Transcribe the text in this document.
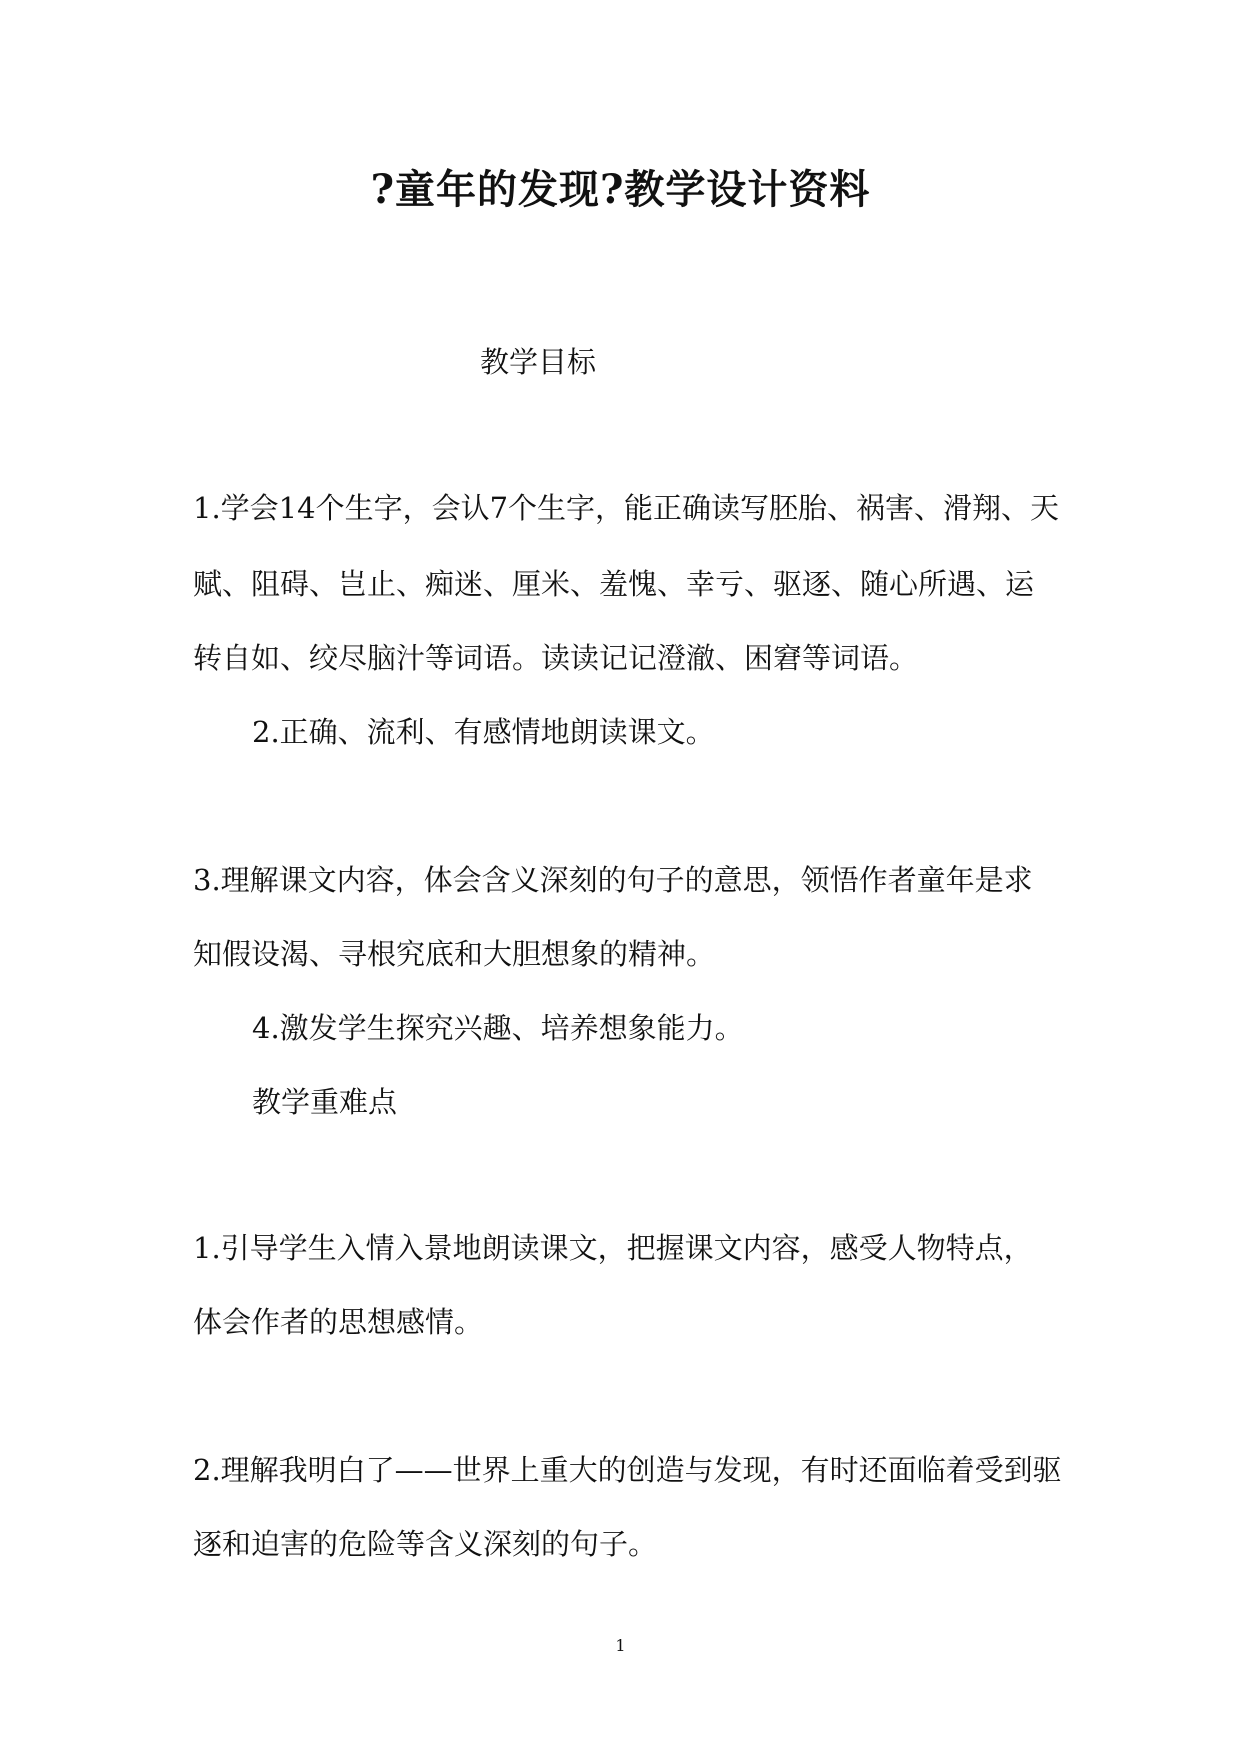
?童年的发现?教学设计资料
教学目标
1.学会14个生字，会认7个生字，能正确读写胚胎、祸害、滑翔、天
赋、阻碍、岂止、痴迷、厘米、羞愧、幸亏、驱逐、随心所遇、运
转自如、绞尽脑汁等词语。读读记记澄澈、困窘等词语。
2.正确、流利、有感情地朗读课文。
3.理解课文内容，体会含义深刻的句子的意思，领悟作者童年是求
知假设渴、寻根究底和大胆想象的精神。
4.激发学生探究兴趣、培养想象能力。
教学重难点
1.引导学生入情入景地朗读课文，把握课文内容，感受人物特点，
体会作者的思想感情。
2.理解我明白了——世界上重大的创造与发现，有时还面临着受到驱
逐和迫害的危险等含义深刻的句子。
1
